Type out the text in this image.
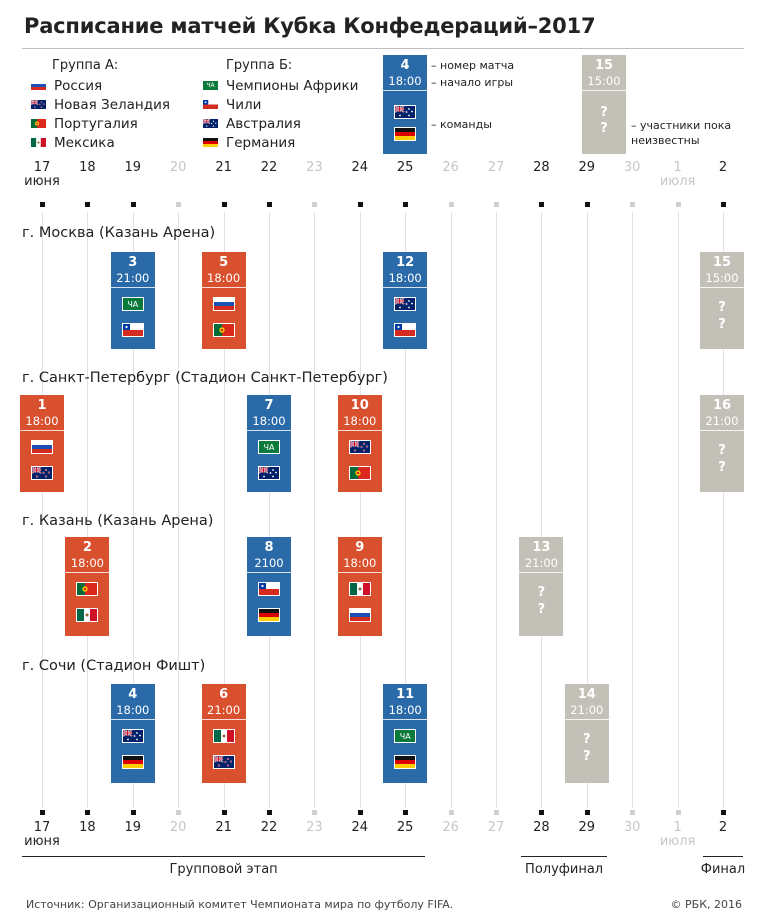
Расписание матчей Кубка Конфедераций–2017
Группа А:	Группа Б:
Россия
Новая Зеландия
Португалия
Мексика
ЧА Чемпионы Африки
Чили
Австралия
Германия
4
18:00
– номер матча
– начало игры
– команды
15
15:00
?
?	– участники пока неизвестны
17
июня
18	19	20	21	22	23	24	25	26	27	28	29	30	1
июля
2
17
июня
18	19	20	21	22	23	24	25	26	27	28	29	30	1
июля
2
г. Москва (Казань Арена)
3
21:00
ЧА
5
18:00
12
18:00
15
15:00
?
?
г. Санкт-Петербург (Стадион Санкт-Петербург)
1
18:00
7
18:00
ЧА
10
18:00
16
21:00
?
?
г. Казань (Казань Арена)
2
18:00
8
2100
9
18:00
13
21:00
?
?
г. Сочи (Стадион Фишт)
4
18:00
6
21:00
11
18:00
ЧА
14
21:00
?
?
Групповой этап	Полуфинал	Финал
Источник: Организационный комитет Чемпионата мира по футболу FIFA.	© РБК, 2016
